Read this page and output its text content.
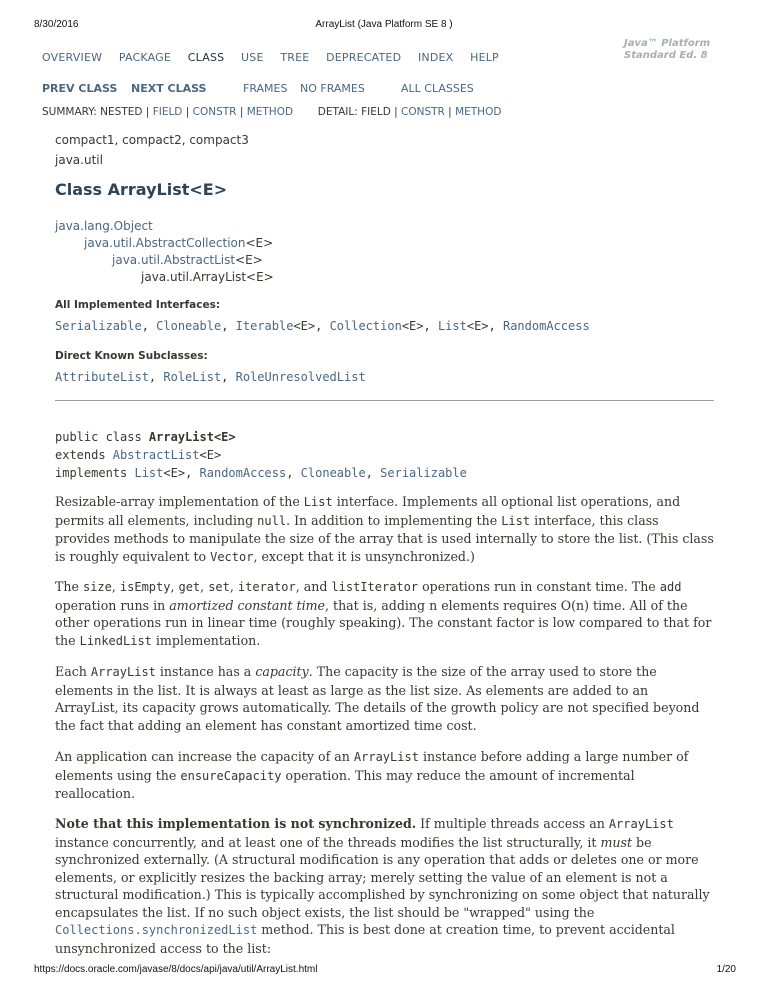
8/30/2016	ArrayList (Java Platform SE 8 )
OVERVIEW PACKAGE CLASS USE TREE DEPRECATED INDEX HELP
Java™ Platform
Standard Ed. 8
PREV CLASS NEXT CLASS	FRAMES NO FRAMES	ALL CLASSES
SUMMARY: NESTED | FIELD | CONSTR | METHOD DETAIL: FIELD | CONSTR | METHOD
compact1, compact2, compact3
java.util
Class ArrayList<E>
java.lang.Object
java.util.AbstractCollection<E>
java.util.AbstractList<E>
java.util.ArrayList<E>
All Implemented Interfaces:
Serializable, Cloneable, Iterable<E>, Collection<E>, List<E>, RandomAccess
Direct Known Subclasses:
AttributeList, RoleList, RoleUnresolvedList
public class ArrayList<E>
extends AbstractList<E>
implements List<E>, RandomAccess, Cloneable, Serializable
Resizable-array implementation of the List interface. Implements all optional list operations, and permits all elements, including null. In addition to implementing the List interface, this class provides methods to manipulate the size of the array that is used internally to store the list. (This class is roughly equivalent to Vector, except that it is unsynchronized.)
The size, isEmpty, get, set, iterator, and listIterator operations run in constant time. The add operation runs in amortized constant time, that is, adding n elements requires O(n) time. All of the other operations run in linear time (roughly speaking). The constant factor is low compared to that for the LinkedList implementation.
Each ArrayList instance has a capacity. The capacity is the size of the array used to store the elements in the list. It is always at least as large as the list size. As elements are added to an ArrayList, its capacity grows automatically. The details of the growth policy are not specified beyond the fact that adding an element has constant amortized time cost.
An application can increase the capacity of an ArrayList instance before adding a large number of elements using the ensureCapacity operation. This may reduce the amount of incremental reallocation.
Note that this implementation is not synchronized. If multiple threads access an ArrayList instance concurrently, and at least one of the threads modifies the list structurally, it must be synchronized externally. (A structural modification is any operation that adds or deletes one or more elements, or explicitly resizes the backing array; merely setting the value of an element is not a structural modification.) This is typically accomplished by synchronizing on some object that naturally encapsulates the list. If no such object exists, the list should be "wrapped" using the Collections.synchronizedList method. This is best done at creation time, to prevent accidental unsynchronized access to the list:
https://docs.oracle.com/javase/8/docs/api/java/util/ArrayList.html	1/20
